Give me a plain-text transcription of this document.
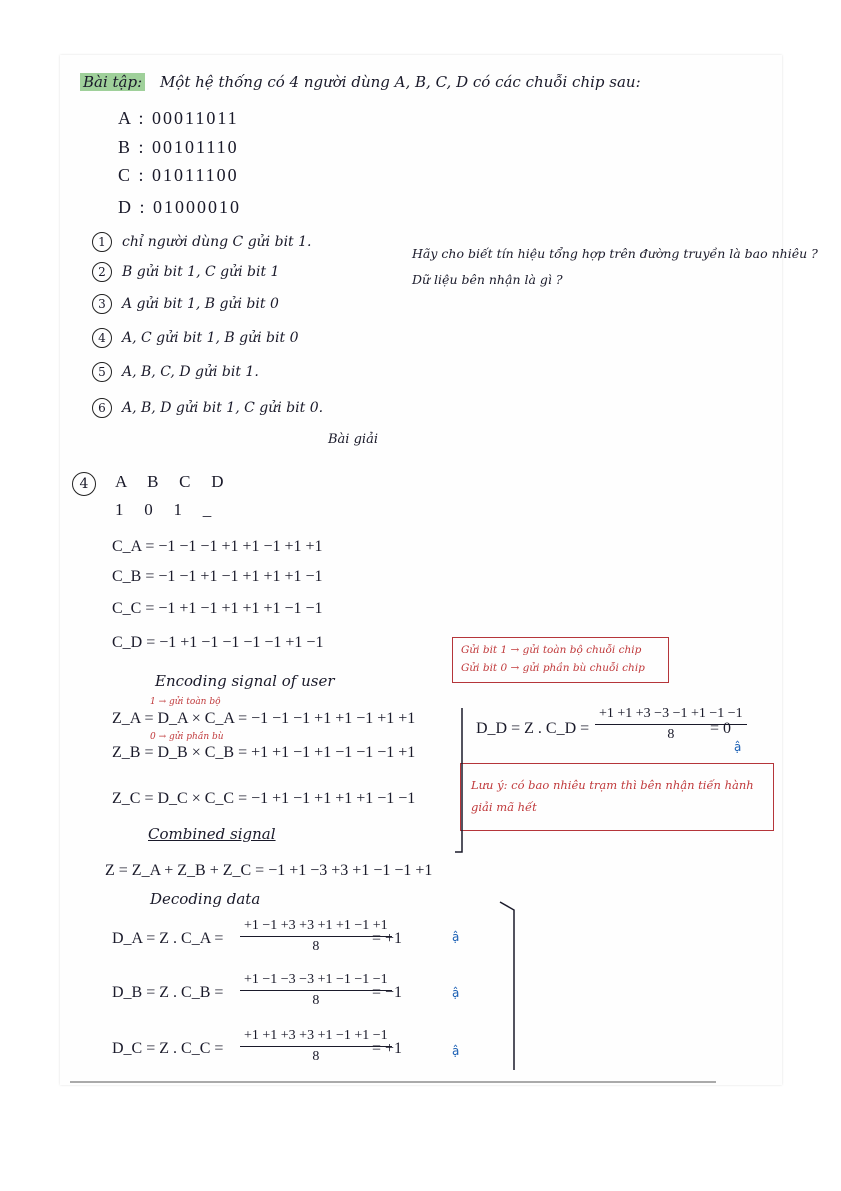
Bài tập: Một hệ thống có 4 người dùng A, B, C, D có các chuỗi chip sau:
A : 00011011
B : 00101110
C : 01011100
D : 01000010
1 chỉ người dùng C gửi bit 1.
2 B gửi bit 1, C gửi bit 1
3 A gửi bit 1, B gửi bit 0
4 A, C gửi bit 1, B gửi bit 0
5 A, B, C, D gửi bit 1.
6 A, B, D gửi bit 1, C gửi bit 0.
Hãy cho biết tín hiệu tổng hợp trên đường truyền là bao nhiêu ?
Dữ liệu bên nhận là gì ?
Bài giải
4	A   B   C   D
1   0   1   _
C_A = −1 −1 −1 +1 +1 −1 +1 +1
C_B = −1 −1 +1 −1 +1 +1 +1 −1
C_C = −1 +1 −1 +1 +1 +1 −1 −1
C_D = −1 +1 −1 −1 −1 −1 +1 −1
Encoding signal of user
1 → gửi toàn bộ
Z_A = D_A × C_A = −1 −1 −1 +1 +1 −1 +1 +1
0 → gửi phần bù
Z_B = D_B × C_B = +1 +1 −1 +1 −1 −1 −1 +1
Z_C = D_C × C_C = −1 +1 −1 +1 +1 +1 −1 −1
Combined signal
Z = Z_A + Z_B + Z_C = −1 +1 −3 +3 +1 −1 −1 +1
Decoding data
D_A = Z . C_A = $\frac{+1 -1 +3 +3 +1 +1 -1 +1}{8}$
= +1	ậ
D_B = Z . C_B = $\frac{+1 -1 -3 -3 +1 -1 -1 -1}{8}$
= −1	ậ
D_C = Z . C_C = $\frac{+1 +1 +3 +3 +1 -1 +1 -1}{8}$
= +1	ậ
Gửi bit 1 → gửi toàn bộ chuỗi chip
Gửi bit 0 → gửi phần bù chuỗi chip
D_D = Z . C_D = $\frac{+1 +1 +3 -3 -1 +1 -1 -1}{8}$
= 0
ậ
Lưu ý: có bao nhiêu trạm thì bên nhận tiến hành giải mã hết
